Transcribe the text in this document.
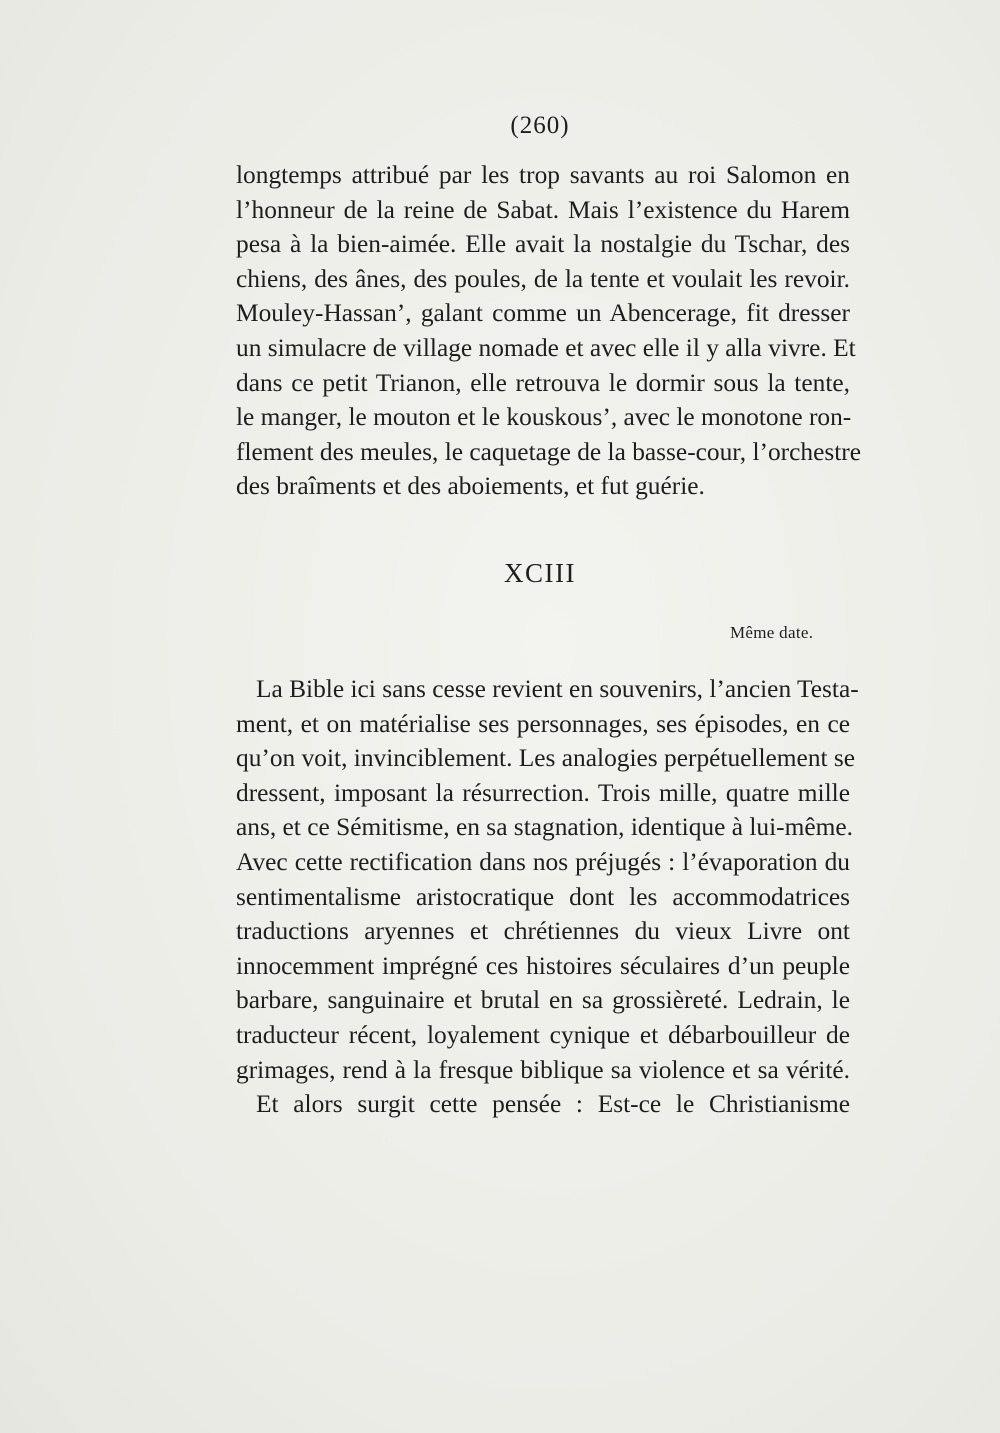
(260)
longtemps attribué par les trop savants au roi Salomon en
l’honneur de la reine de Sabat. Mais l’existence du Harem
pesa à la bien-aimée. Elle avait la nostalgie du Tschar, des
chiens, des ânes, des poules, de la tente et voulait les revoir.
Mouley-Hassan’, galant comme un Abencerage, fit dresser
un simulacre de village nomade et avec elle il y alla vivre. Et
dans ce petit Trianon, elle retrouva le dormir sous la tente,
le manger, le mouton et le kouskous’, avec le monotone ron-
flement des meules, le caquetage de la basse-cour, l’orchestre
des braîments et des aboiements, et fut guérie.
XCIII
Même date.
La Bible ici sans cesse revient en souvenirs, l’ancien Testa-
ment, et on matérialise ses personnages, ses épisodes, en ce
qu’on voit, invinciblement. Les analogies perpétuellement se
dressent, imposant la résurrection. Trois mille, quatre mille
ans, et ce Sémitisme, en sa stagnation, identique à lui-même.
Avec cette rectification dans nos préjugés : l’évaporation du
sentimentalisme aristocratique dont les accommodatrices
traductions aryennes et chrétiennes du vieux Livre ont
innocemment imprégné ces histoires séculaires d’un peuple
barbare, sanguinaire et brutal en sa grossièreté. Ledrain, le
traducteur récent, loyalement cynique et débarbouilleur de
grimages, rend à la fresque biblique sa violence et sa vérité.
Et alors surgit cette pensée : Est-ce le Christianisme
